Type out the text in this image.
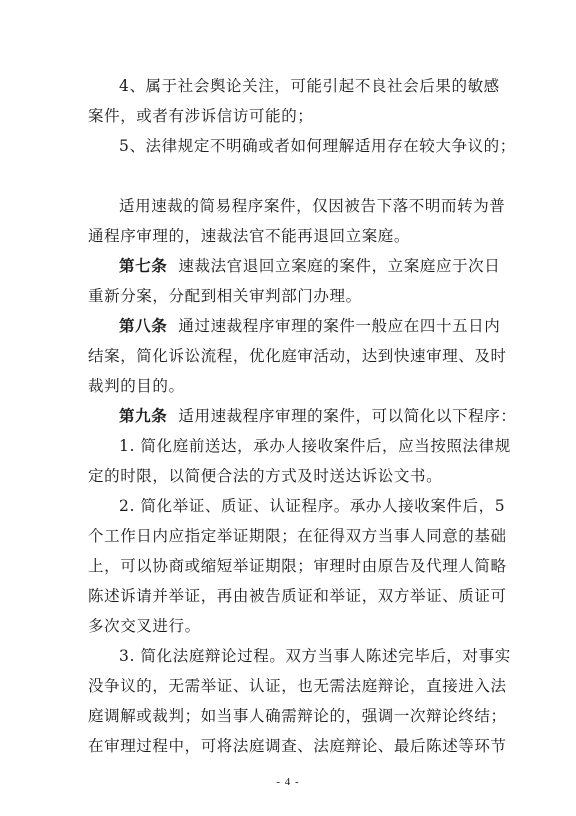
4、属于社会舆论关注，可能引起不良社会后果的敏感
案件，或者有涉诉信访可能的；
5、法律规定不明确或者如何理解适用存在较大争议的；
适用速裁的简易程序案件，仅因被告下落不明而转为普
通程序审理的，速裁法官不能再退回立案庭。
第七条 速裁法官退回立案庭的案件，立案庭应于次日
重新分案，分配到相关审判部门办理。
第八条 通过速裁程序审理的案件一般应在四十五日内
结案，简化诉讼流程，优化庭审活动，达到快速审理、及时
裁判的目的。
第九条 适用速裁程序审理的案件，可以简化以下程序：
1. 简化庭前送达，承办人接收案件后，应当按照法律规
定的时限，以简便合法的方式及时送达诉讼文书。
2. 简化举证、质证、认证程序。承办人接收案件后，5
个工作日内应指定举证期限；在征得双方当事人同意的基础
上，可以协商或缩短举证期限；审理时由原告及代理人简略
陈述诉请并举证，再由被告质证和举证，双方举证、质证可
多次交叉进行。
3. 简化法庭辩论过程。双方当事人陈述完毕后，对事实
没争议的，无需举证、认证，也无需法庭辩论，直接进入法
庭调解或裁判；如当事人确需辩论的，强调一次辩论终结；
在审理过程中，可将法庭调查、法庭辩论、最后陈述等环节
- 4 -
